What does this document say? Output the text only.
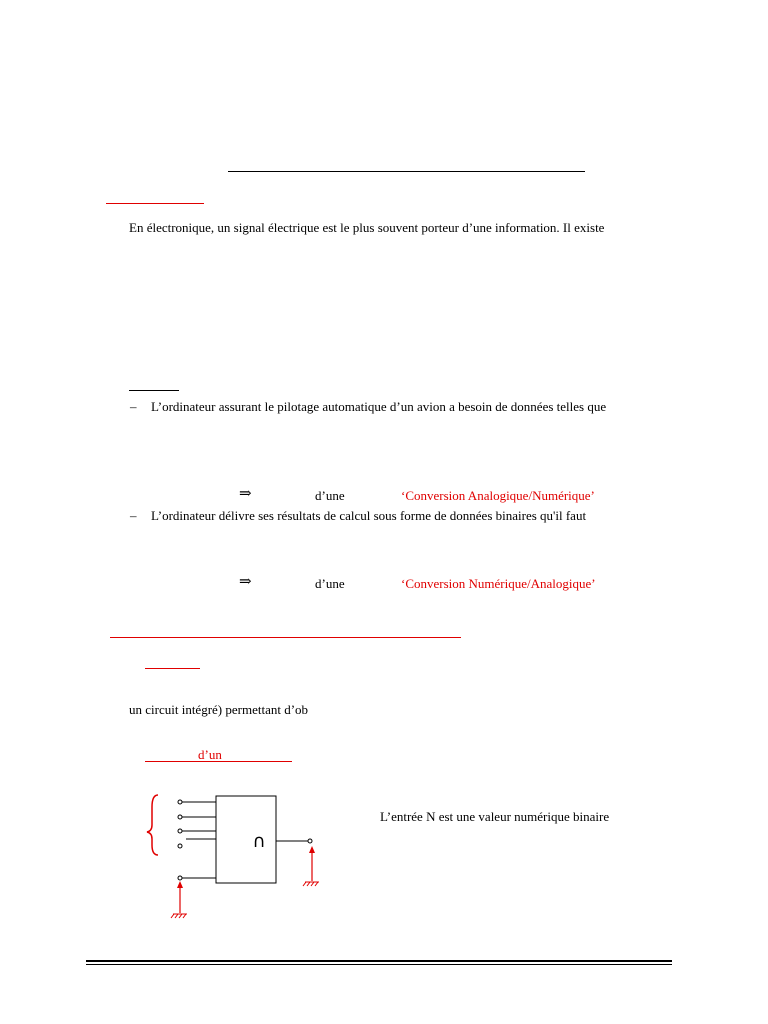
En électronique, un signal électrique est le plus souvent porteur d’une information. Il existe
– L’ordinateur assurant le pilotage automatique d’un avion a besoin de données telles que
⇒	d’une	‘Conversion Analogique/Numérique’
– L’ordinateur délivre ses résultats de calcul sous forme de données binaires qu'il faut
⇒	d’une	‘Conversion Numérique/Analogique’
un circuit intégré) permettant d’ob
d’un
∩
L’entrée N est une valeur numérique binaire
